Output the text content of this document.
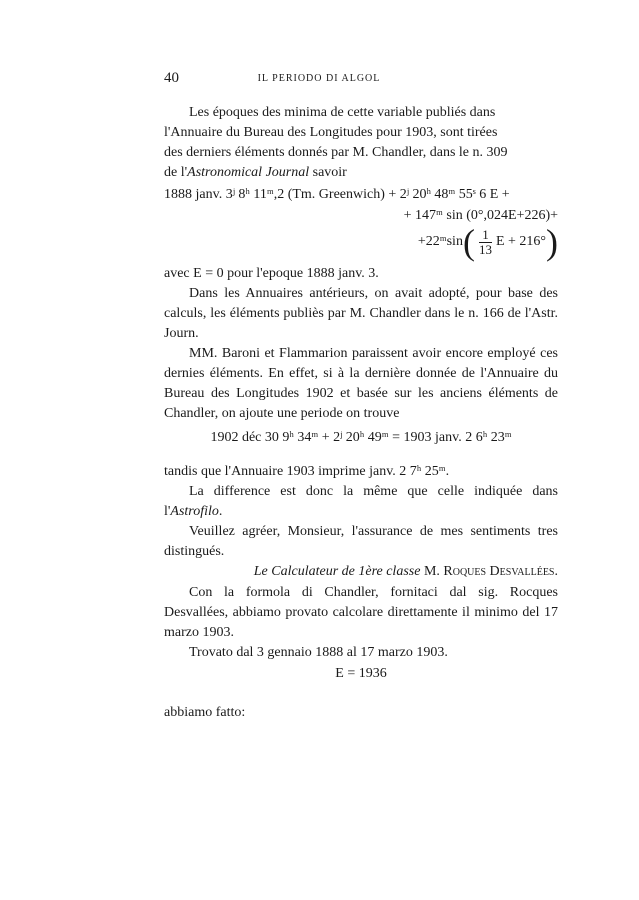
40	IL PERIODO DI ALGOL

Les époques des minima de cette variable publiés dans

l'Annuaire du Bureau des Longitudes pour 1903, sont tirées

des derniers éléments donnés par M. Chandler, dans le n. 309

de l'Astronomical Journal savoir

1888 janv. 3ʲ 8ʰ 11ᵐ,2 (Tm. Greenwich) + 2ʲ 20ʰ 48ᵐ 55ˢ 6 E +
+ 147ᵐ sin (0°,024E+226)+
+22ᵐsin ( $\frac{1}{13}$ E + 216° )

avec E = 0 pour l'epoque 1888 janv. 3.

Dans les Annuaires antérieurs, on avait adopté, pour base des calculs, les éléments publiès par M. Chandler dans le n. 166 de l'Astr. Journ.

MM. Baroni et Flammarion paraissent avoir encore employé ces dernies éléments. En effet, si à la dernière donnée de l'Annuaire du Bureau des Longitudes 1902 et basée sur les anciens éléments de Chandler, on ajoute une periode on trouve

1902 déc 30 9ʰ 34ᵐ + 2ʲ 20ʰ 49ᵐ = 1903 janv. 2 6ʰ 23ᵐ

tandis que l'Annuaire 1903 imprime janv. 2 7ʰ 25ᵐ.

La difference est donc la même que celle indiquée dans l'Astrofilo.

Veuillez agréer, Monsieur, l'assurance de mes sentiments tres distingués.

Le Calculateur de 1ère classe M. Roques Desvallées.

Con la formola di Chandler, fornitaci dal sig. Rocques Desvallées, abbiamo provato calcolare direttamente il minimo del 17 marzo 1903.

Trovato dal 3 gennaio 1888 al 17 marzo 1903.

E = 1936

abbiamo fatto:
